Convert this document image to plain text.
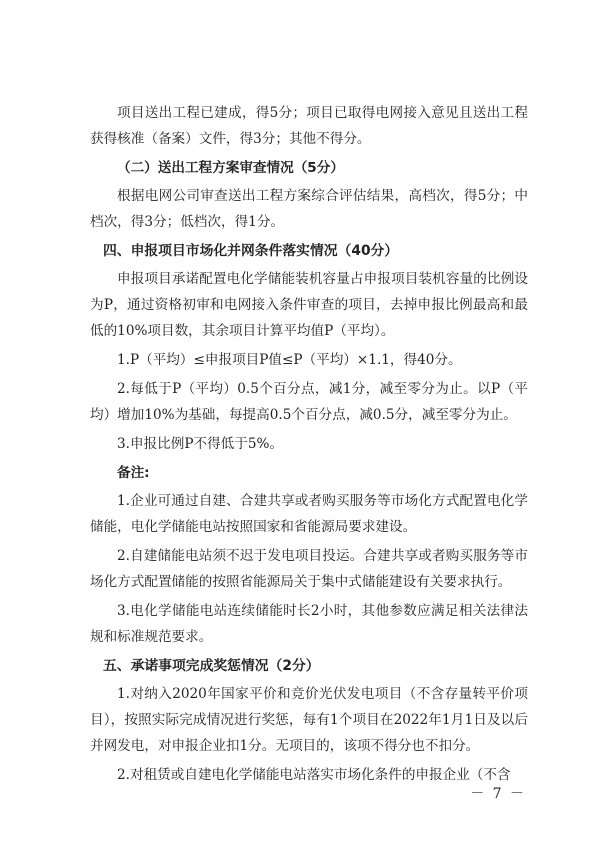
项目送出工程已建成，得5分；项目已取得电网接入意见且送出工程获得核准（备案）文件，得3分；其他不得分。

（二）送出工程方案审查情况（5分）

根据电网公司审查送出工程方案综合评估结果，高档次，得5分；中档次，得3分；低档次，得1分。

四、申报项目市场化并网条件落实情况（40分）

申报项目承诺配置电化学储能装机容量占申报项目装机容量的比例设为P，通过资格初审和电网接入条件审查的项目，去掉申报比例最高和最低的10%项目数，其余项目计算平均值P（平均）。

1.P（平均）≤申报项目P值≤P（平均）×1.1，得40分。

2.每低于P（平均）0.5个百分点，减1分，减至零分为止。以P（平均）增加10%为基础，每提高0.5个百分点，减0.5分，减至零分为止。

3.申报比例P不得低于5%。

备注:

1.企业可通过自建、合建共享或者购买服务等市场化方式配置电化学储能，电化学储能电站按照国家和省能源局要求建设。

2.自建储能电站须不迟于发电项目投运。合建共享或者购买服务等市场化方式配置储能的按照省能源局关于集中式储能建设有关要求执行。

3.电化学储能电站连续储能时长2小时，其他参数应满足相关法律法规和标准规范要求。

五、承诺事项完成奖惩情况（2分）

1.对纳入2020年国家平价和竞价光伏发电项目（不含存量转平价项目），按照实际完成情况进行奖惩，每有1个项目在2022年1月1日及以后并网发电，对申报企业扣1分。无项目的，该项不得分也不扣分。

2.对租赁或自建电化学储能电站落实市场化条件的申报企业（不含

－ 7 －
